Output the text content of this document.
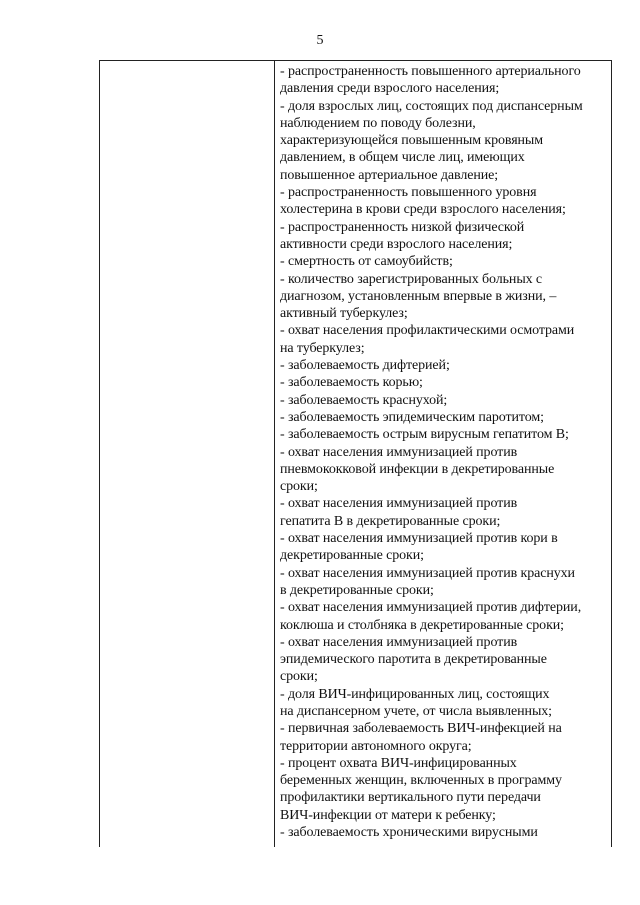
5
- распространенность повышенного артериального
давления среди взрослого населения;
- доля взрослых лиц, состоящих под диспансерным
наблюдением по поводу болезни,
характеризующейся повышенным кровяным
давлением, в общем числе лиц, имеющих
повышенное артериальное давление;
- распространенность повышенного уровня
холестерина в крови среди взрослого населения;
- распространенность низкой физической
активности среди взрослого населения;
- смертность от самоубийств;
- количество зарегистрированных больных с
диагнозом, установленным впервые в жизни, –
активный туберкулез;
- охват населения профилактическими осмотрами
на туберкулез;
- заболеваемость дифтерией;
- заболеваемость корью;
- заболеваемость краснухой;
- заболеваемость эпидемическим паротитом;
- заболеваемость острым вирусным гепатитом В;
- охват населения иммунизацией против
пневмококковой инфекции в декретированные
сроки;
- охват населения иммунизацией против
гепатита В в декретированные сроки;
- охват населения иммунизацией против кори в
декретированные сроки;
- охват населения иммунизацией против краснухи
в декретированные сроки;
- охват населения иммунизацией против дифтерии,
коклюша и столбняка в декретированные сроки;
- охват населения иммунизацией против
эпидемического паротита в декретированные
сроки;
- доля ВИЧ-инфицированных лиц, состоящих
на диспансерном учете, от числа выявленных;
- первичная заболеваемость ВИЧ-инфекцией на
территории автономного округа;
- процент охвата ВИЧ-инфицированных
беременных женщин, включенных в программу
профилактики вертикального пути передачи
ВИЧ-инфекции от матери к ребенку;
- заболеваемость хроническими вирусными
